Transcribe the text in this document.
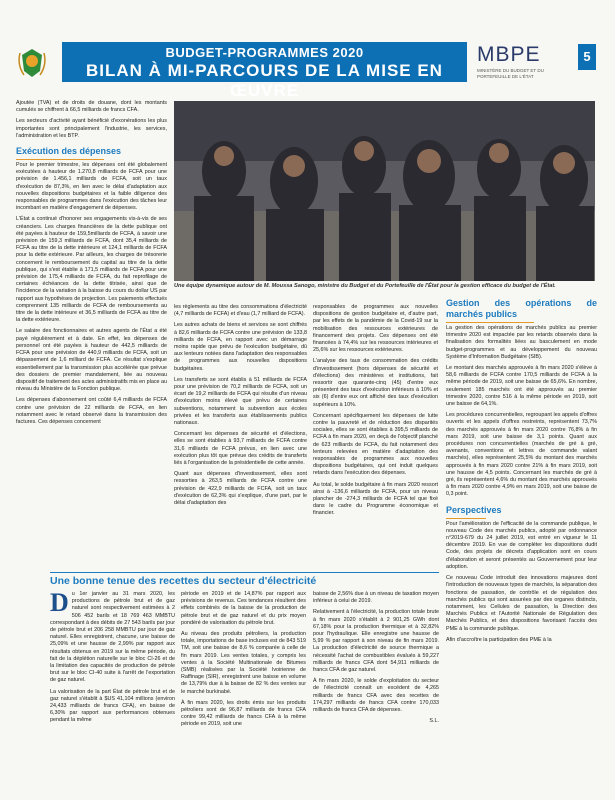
BUDGET-PROGRAMMES 2020
BILAN À MI-PARCOURS DE LA MISE EN ŒUVRE
MBPE
MINISTÈRE DU BUDGET ET DU PORTEFEUILLE DE L'ÉTAT
5

Ajoutée (TVA) et de droits de douane, dont les montants cumulés se chiffrent à 66,5 milliards de francs CFA.

Les secteurs d'activité ayant bénéficié d'exonérations les plus importantes sont principalement l'industrie, les services, l'administration et les BTP.

Exécution des dépenses

Pour le premier trimestre, les dépenses ont été globalement exécutées à hauteur de 1.270,8 milliards de FCFA pour une prévision de 1.456,1 milliards de FCFA, soit un taux d'exécution de 87,3%, en lien avec le délai d'adaptation aux nouvelles dispositions budgétaires et la faible diligence des responsables de programmes dans l'exécution des tâches leur incombant en matière d'engagement de dépenses.

L'État a continué d'honorer ses engagements vis-à-vis de ses créanciers. Les charges financières de la dette publique ont été payées à hauteur de 159,5milliards de FCFA, à savoir une prévision de 159,3 milliards de FCFA, dont 35,4 milliards de FCFA au titre de la dette intérieure et 124,1 milliards de FCFA pour la dette extérieure. Par ailleurs, les charges de trésorerie concernent le remboursement du capital au titre de la dette publique, qui s'est établie à 171,5 milliards de FCFA pour une prévision de 175,4 milliards de FCFA, du fait reprofilage de certaines échéances de la dette titrisée, ainsi que de l'incidence de la variation à la baisse du cours du dollar US par rapport aux hypothèses de projection. Les paiements effectués comprennent 135 milliards de FCFA de remboursements au titre de la dette intérieure et 36,5 milliards de FCFA au titre de la dette extérieure.

Le salaire des fonctionnaires et autres agents de l'État a été payé régulièrement et à date. En effet, les dépenses de personnel ont été payées à hauteur de 442,5 milliards de FCFA pour une prévision de 440,9 milliards de FCFA, soit un dépassement de 1,6 milliard de FCFA. Ce résultat s'explique essentiellement par la transmission plus accélérée que prévue des dossiers de premier mandatement, liée au nouveau dispositif de traitement des actes administratifs mis en place au niveau du Ministère de la Fonction publique.

Les dépenses d'abonnement ont coûté 6,4 milliards de FCFA contre une prévision de 22 milliards de FCFA, en lien notamment avec le retard observé dans la transmission des factures. Ces dépenses concernent

Une équipe dynamique autour de M. Moussa Sanogo, ministre du Budget et du Portefeuille de l'État pour la gestion efficace du budget de l'État.

les règlements au titre des consommations d'électricité (4,7 milliards de FCFA) et d'eau (1,7 milliard de FCFA).

Les autres achats de biens et services se sont chiffrés à 82,6 milliards de FCFA contre une prévision de 133,8 milliards de FCFA, en rapport avec un démarrage moins rapide que prévu de l'exécution budgétaire, dû aux lenteurs notées dans l'adaptation des responsables de programmes aux nouvelles dispositions budgétaires.

Les transferts se sont établis à 51 milliards de FCFA pour une prévision de 70,2 milliards de FCFA, soit un écart de 19,2 milliards de FCFA qui résulte d'un niveau d'exécution moins élevé que prévu de certaines subventions, notamment la subvention aux écoles privées et les transferts aux établissements publics nationaux.

Concernant les dépenses de sécurité et d'élections, elles se sont établies à 93,7 milliards de FCFA contre 31,6 milliards de FCFA prévus, en lien avec une exécution plus tôt que prévue des crédits de transferts liés à l'organisation de la présidentielle de cette année.

Quant aux dépenses d'investissement, elles sont ressorties à 263,5 milliards de FCFA contre une prévision de 422,9 milliards de FCFA, soit un taux d'exécution de 62,3% qui s'explique, d'une part, par le délai d'adaptation des

responsables de programmes aux nouvelles dispositions de gestion budgétaire et, d'autre part, par les effets de la pandémie de la Covid-19 sur la mobilisation des ressources extérieures de financement des projets. Ces dépenses ont été financées à 74,4% sur les ressources intérieures et 25,6% sur les ressources extérieures.

L'analyse des taux de consommation des crédits d'investissement (hors dépenses de sécurité et d'élections) des ministères et institutions, fait ressortir que quarante-cinq (45) d'entre eux présentent des taux d'exécution inférieurs à 10% et six (6) d'entre eux ont affiché des taux d'exécution supérieurs à 10%.

Concernant spécifiquement les dépenses de lutte contre la pauvreté et de réduction des disparités sociales, elles se sont établies à 395,5 milliards de FCFA à fin mars 2020, en deçà de l'objectif planché de 623 milliards de FCFA, du fait notamment des lenteurs relevées en matière d'adaptation des responsables de programmes aux nouvelles dispositions budgétaires, qui ont induit quelques retards dans l'exécution des dépenses.

Au total, le solde budgétaire à fin mars 2020 ressort ainsi à -136,6 milliards de FCFA, pour un niveau plancher de -274,3 milliards de FCFA tel que fixé dans le cadre du Programme économique et financier.

Gestion des opérations de marchés publics

La gestion des opérations de marchés publics au premier trimestre 2020 est impactée par les retards observés dans la finalisation des formalités liées au basculement en mode budget-programmes et au développement du nouveau Système d'Information Budgétaire (SIB).

Le montant des marchés approuvés à fin mars 2020 s'élève à 58,6 milliards de FCFA contre 170,5 milliards de FCFA à la même période de 2019, soit une baisse de 65,6%. En nombre, seulement 185 marchés ont été approuvés au premier trimestre 2020, contre 516 à la même période en 2019, soit une baisse de 64,1%.

Les procédures concurrentielles, regroupant les appels d'offres ouverts et les appels d'offres restreints, représentent 73,7% des marchés approuvés à fin mars 2020 contre 76,8% à fin mars 2019, soit une baisse de 3,1 points. Quant aux procédures non concurrentielles (marchés de gré à gré, avenants, conventions et lettres de commande valant marchés), elles représentent 25,5% du montant des marchés approuvés à fin mars 2020 contre 21% à fin mars 2019, soit une hausse de 4,5 points. Concernant les marchés de gré à gré, ils représentent 4,6% du montant des marchés approuvés à fin mars 2020 contre 4,9% en mars 2019, soit une baisse de 0,3 point.

Perspectives

Pour l'amélioration de l'efficacité de la commande publique, le nouveau Code des marchés publics, adopté par ordonnance n°2019-679 du 24 juillet 2019, est entré en vigueur le 11 décembre 2019. En vue de compléter les dispositions dudit Code, des projets de décrets d'application sont en cours d'élaboration et seront présentés au Gouvernement pour leur adoption.

Ce nouveau Code introduit des innovations majeures dont l'introduction de nouveaux types de marchés, la séparation des fonctions de passation, de contrôle et de régulation des marchés publics qui sont assurées par des organes distincts, notamment, les Cellules de passation, la Direction des Marchés Publics et l'Autorité Nationale de Régulation des Marchés Publics, et des dispositions favorisant l'accès des PME à la commande publique.

Afin d'accroître la participation des PME à la

Une bonne tenue des recettes du secteur d'électricité

Du 1er janvier au 31 mars 2020, les productions de pétrole brut et de gaz naturel sont respectivement estimées à 2 506 452 barils et 18 769 463 MMBTU correspondant à des débits de 27 543 barils par jour de pétrole brut et 206 258 MMBTU par jour de gaz naturel. Elles enregistrent, chacune, une baisse de 25,09% et une hausse de 2,99% par rapport aux résultats obtenus en 2019 sur la même période, du fait de la déplétion naturelle sur le bloc CI-26 et de la limitation des capacités de production de pétrole brut sur le bloc CI-40 suite à l'arrêt de l'exportation de gaz naturel.

La valorisation de la part État de pétrole brut et de gaz naturel s'établit à $US 41,104 millions (environ 24,433 milliards de francs CFA), en baisse de 6,30% par rapport aux performances obtenues pendant la même

période en 2019 et de 14,87% par rapport aux prévisions de revenus. Ces tendances résultent des effets combinés de la baisse de la production de pétrole brut et de gaz naturel et du prix moyen pondéré de valorisation du pétrole brut.

Au niveau des produits pétroliers, la production totale, importations de base incluses est de 843 519 TM, soit une baisse de 8,6 % comparée à celle de fin mars 2019. Les ventes totales, y compris les ventes à la Société Multinationale de Bitumes (SMB) réalisées par la Société Ivoirienne de Raffinage (SIR), enregistrent une baisse en volume de 13,79% due à la baisse de 82 % des ventes sur le marché burkinabé.

À fin mars 2020, les droits émis sur les produits pétroliers sont de 96,87 milliards de francs CFA contre 99,42 milliards de francs CFA à la même période en 2019, soit une

baisse de 2,56% due à un niveau de taxation moyen inférieur à celui de 2019.

Relativement à l'électricité, la production totale brute à fin mars 2020 s'établit à 2 901,25 GWh dont 67,18% pour la production thermique et à 32,82% pour l'hydraulique. Elle enregistre une hausse de 5,99 % par rapport à son niveau de fin mars 2019. La production d'électricité de source thermique a nécessité l'achat de combustibles évalués à 59,227 milliards de francs CFA dont 54,911 milliards de francs CFA de gaz naturel.

À fin mars 2020, le solde d'exploitation du secteur de l'électricité connaît un excédent de 4,265 milliards de francs CFA avec des recettes de 174,297 milliards de francs CFA contre 170,033 milliards de francs CFA de dépenses.

S.L.
